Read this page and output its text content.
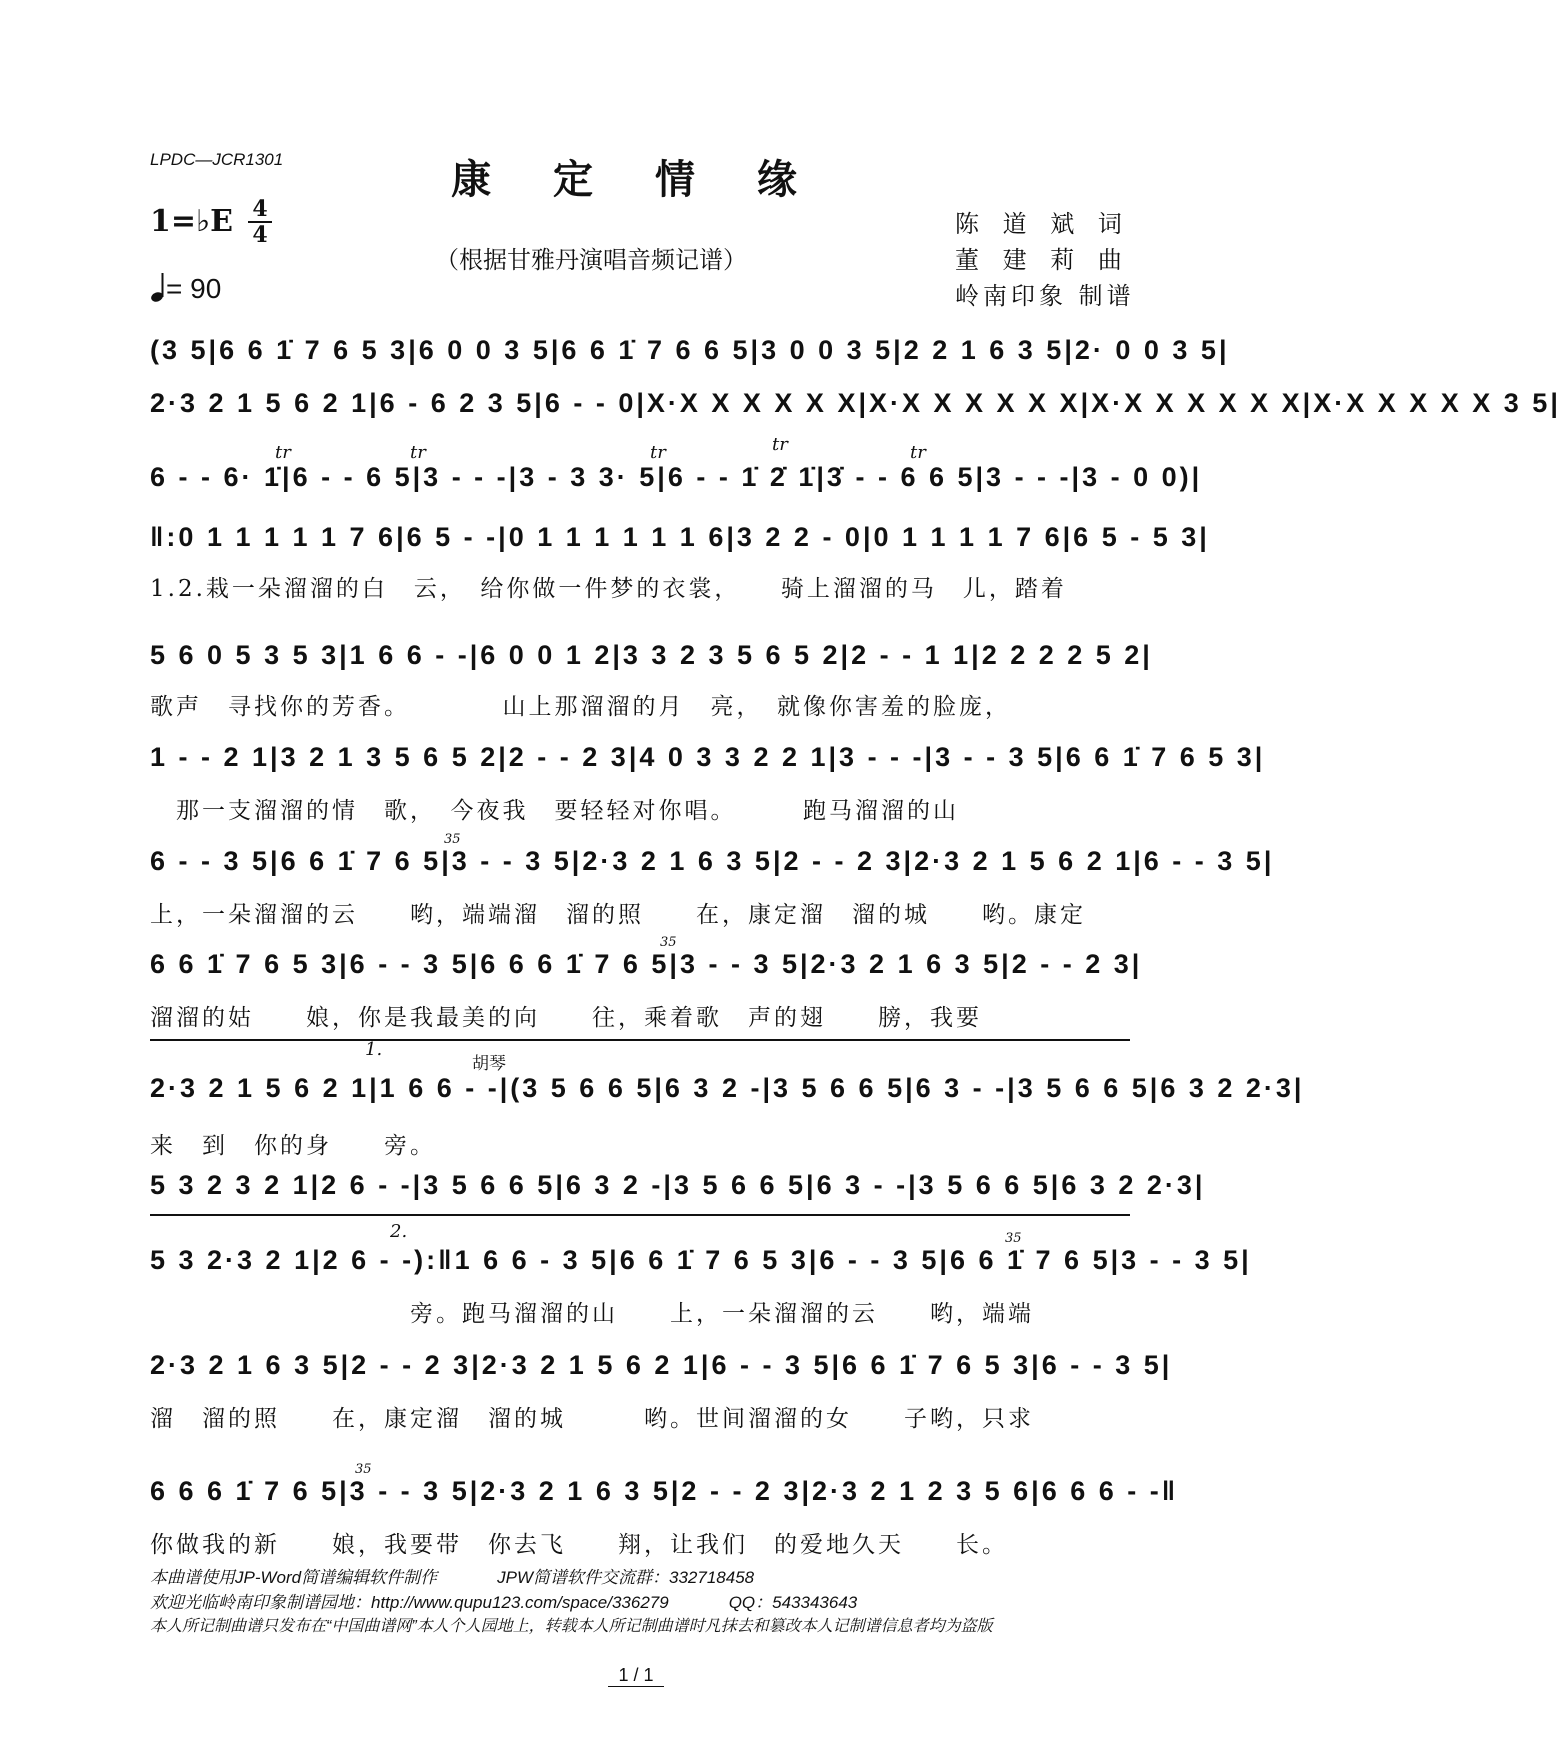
LPDC—JCR1301	康 定 情 缘
1=♭E 4
4
= 90
（根据甘雅丹演唱音频记谱）
陈 道 斌 词
董 建 莉 曲
岭南印象 制谱
(3 5|6 6 1̇ 7 6 5 3|6 0 0 3 5|6 6 1̇ 7 6 6 5|3 0 0 3 5|2 2 1 6 3 5|2· 0 0 3 5|
2·3 2 1 5 6 2 1|6 - 6 2 3 5|6 - - 0|X·X X X X X X|X·X X X X X X|X·X X X X X X|X·X X X X X 3 5|
tr	tr	tr	tr	tr
6 - - 6· 1̇|6 - - 6 5|3 - - -|3 - 3 3· 5|6 - - 1̇ 2̇ 1̇|3̇ - - 6 6 5|3 - - -|3 - 0 0)|
‖:0 1 1 1 1 1 7 6|6 5 - -|0 1 1 1 1 1 1 6|3 2 2 - 0|0 1 1 1 1 7 6|6 5 - 5 3|
1.2.栽一朵溜溜的白　云，　给你做一件梦的衣裳，　　骑上溜溜的马　儿，踏着
5 6 0 5 3 5 3|1 6 6 - -|6 0 0 1 2|3 3 2 3 5 6 5 2|2 - - 1 1|2 2 2 2 5 2|
歌声　寻找你的芳香。　　　　山上那溜溜的月　亮，　就像你害羞的脸庞，
1 - - 2 1|3 2 1 3 5 6 5 2|2 - - 2 3|4 0 3 3 2 2 1|3 - - -|3 - - 3 5|6 6 1̇ 7 6 5 3|
　那一支溜溜的情　歌，　今夜我　要轻轻对你唱。　　　跑马溜溜的山
35
6 - - 3 5|6 6 1̇ 7 6 5|3 - - 3 5|2·3 2 1 6 3 5|2 - - 2 3|2·3 2 1 5 6 2 1|6 - - 3 5|
上，一朵溜溜的云　　哟，端端溜　溜的照　　在，康定溜　溜的城　　哟。康定
35
6 6 1̇ 7 6 5 3|6 - - 3 5|6 6 6 1̇ 7 6 5|3 - - 3 5|2·3 2 1 6 3 5|2 - - 2 3|
溜溜的姑　　娘，你是我最美的向　　往，乘着歌　声的翅　　膀，我要
1.
胡琴
2·3 2 1 5 6 2 1|1 6 6 - -|(3 5 6 6 5|6 3 2 -|3 5 6 6 5|6 3 - -|3 5 6 6 5|6 3 2 2·3|
来　到　你的身　　旁。
5 3 2 3 2 1|2 6 - -|3 5 6 6 5|6 3 2 -|3 5 6 6 5|6 3 - -|3 5 6 6 5|6 3 2 2·3|
2.	35
5 3 2·3 2 1|2 6 - -):‖1 6 6 - 3 5|6 6 1̇ 7 6 5 3|6 - - 3 5|6 6 1̇ 7 6 5|3 - - 3 5|
　　　　　　　　　　旁。跑马溜溜的山　　上，一朵溜溜的云　　哟，端端
2·3 2 1 6 3 5|2 - - 2 3|2·3 2 1 5 6 2 1|6 - - 3 5|6 6 1̇ 7 6 5 3|6 - - 3 5|
溜　溜的照　　在，康定溜　溜的城　　　哟。世间溜溜的女　　子哟，只求
35
6 6 6 1̇ 7 6 5|3 - - 3 5|2·3 2 1 6 3 5|2 - - 2 3|2·3 2 1 2 3 5 6|6 6 6 - -‖
你做我的新　　娘，我要带　你去飞　　翔，让我们　的爱地久天　　长。
本曲谱使用JP-Word简谱编辑软件制作	JPW简谱软件交流群：332718458
欢迎光临岭南印象制谱园地：http://www.qupu123.com/space/336279	QQ：543343643
本人所记制曲谱只发布在“中国曲谱网”本人个人园地上，转载本人所记制曲谱时凡抹去和篡改本人记制谱信息者均为盗版
1 / 1
